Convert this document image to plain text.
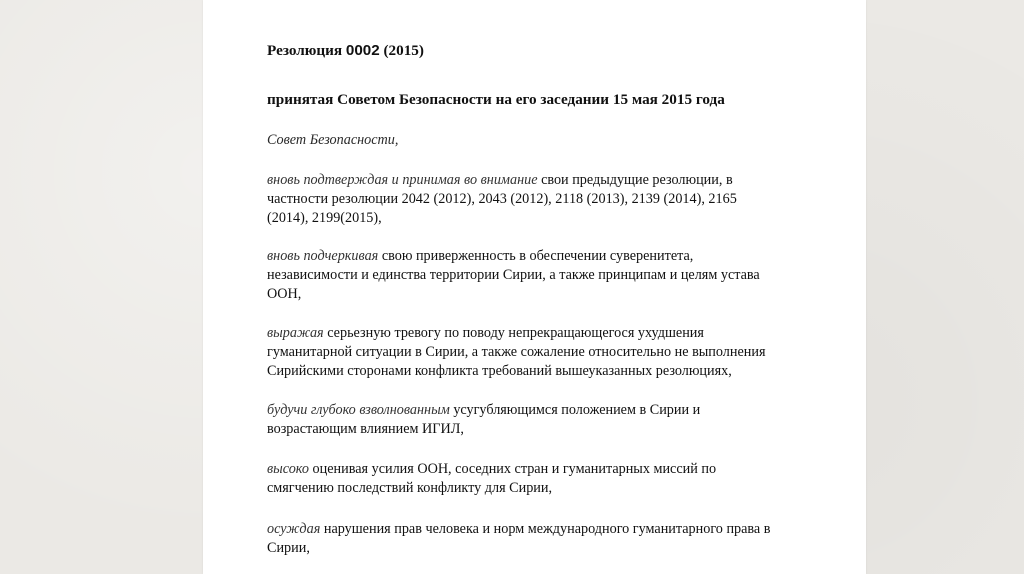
Резолюция 0002 (2015)

принятая Советом Безопасности на его заседании 15 мая 2015 года

Совет Безопасности,

вновь подтверждая и принимая во внимание свои предыдущие резолюции, в
частности резолюции 2042 (2012), 2043 (2012), 2118 (2013), 2139 (2014), 2165
(2014), 2199(2015),

вновь подчеркивая свою приверженность в обеспечении суверенитета,
независимости и единства территории Сирии, а также принципам и целям устава
ООН,

выражая серьезную тревогу по поводу непрекращающегося ухудшения
гуманитарной ситуации в Сирии, а также сожаление относительно не выполнения
Сирийскими сторонами конфликта требований вышеуказанных резолюциях,

будучи глубоко взволнованным усугубляющимся положением в Сирии и
возрастающим влиянием ИГИЛ,

высоко оценивая усилия ООН, соседних стран и гуманитарных миссий по
смягчению последствий конфликту для Сирии,

осуждая нарушения прав человека и норм международного гуманитарного права в
Сирии,
